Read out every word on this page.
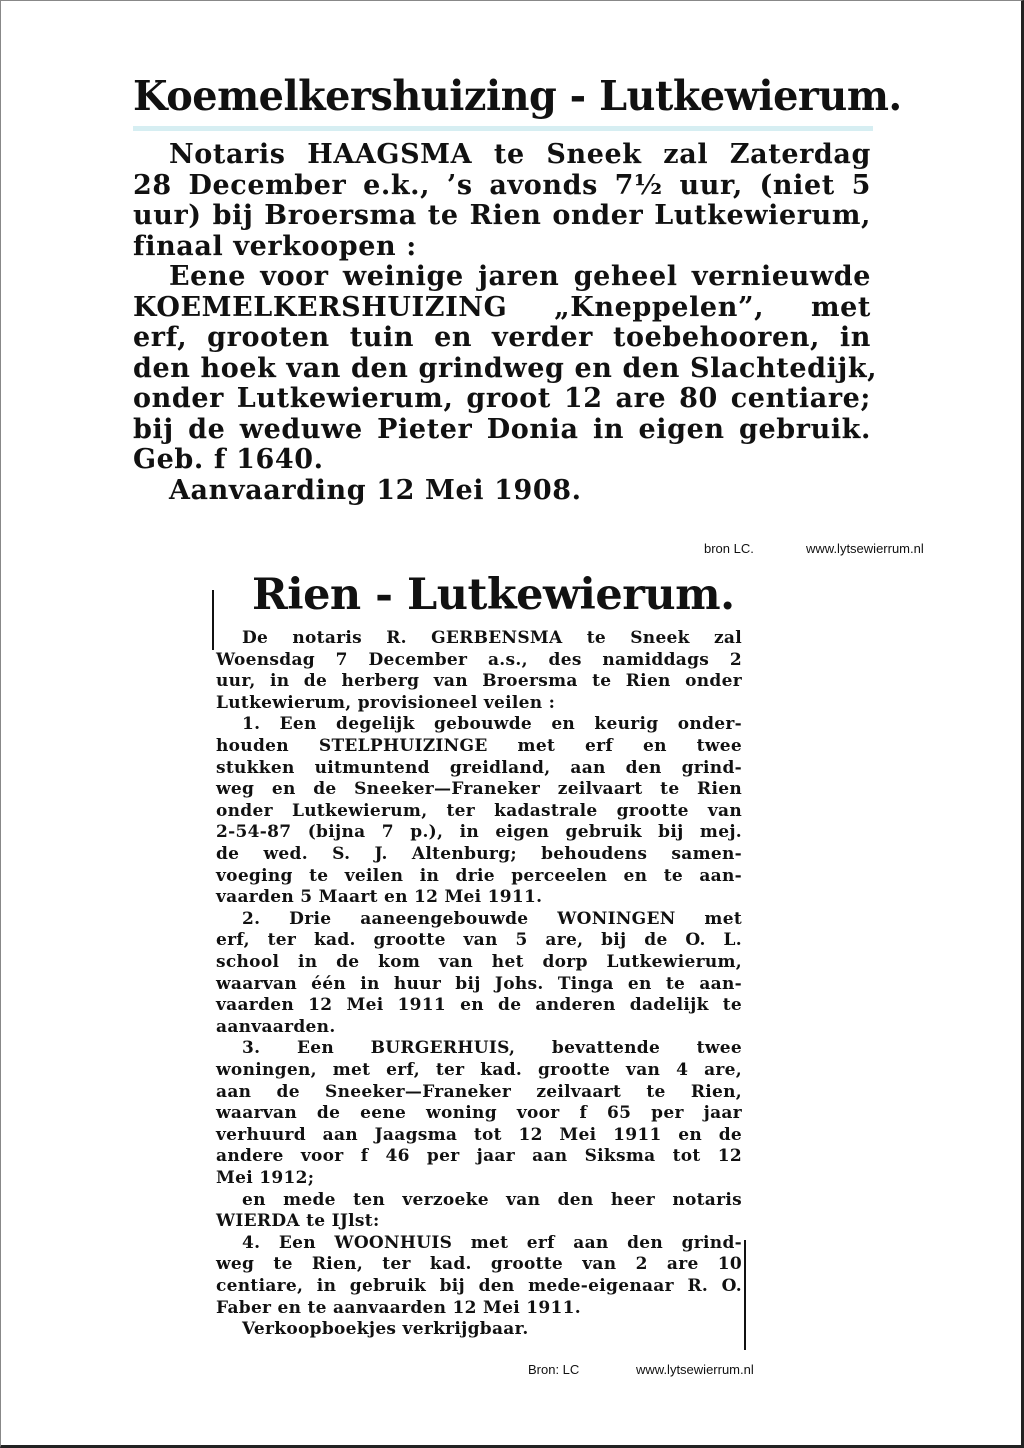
Koemelkershuizing - Lutkewierum.

Notaris HAAGSMA te Sneek zal Zaterdag

28 December e.k., ’s avonds 7½ uur, (niet 5

uur) bij Broersma te Rien onder Lutkewierum,

finaal verkoopen :

Eene voor weinige jaren geheel vernieuwde

KOEMELKERSHUIZING „Kneppelen”, met

erf, grooten tuin en verder toebehooren, in

den hoek van den grindweg en den Slachtedijk,

onder Lutkewierum, groot 12 are 80 centiare;

bij de weduwe Pieter Donia in eigen gebruik.

Geb. f 1640.

Aanvaarding 12 Mei 1908.

bron LC.	www.lytsewierrum.nl
Rien - Lutkewierum.

De notaris R. GERBENSMA te Sneek zal

Woensdag 7 December a.s., des namiddags 2

uur, in de herberg van Broersma te Rien onder

Lutkewierum, provisioneel veilen :

1. Een degelijk gebouwde en keurig onder-

houden STELPHUIZINGE met erf en twee

stukken uitmuntend greidland, aan den grind-

weg en de Sneeker—Franeker zeilvaart te Rien

onder Lutkewierum, ter kadastrale grootte van

2-54-87 (bijna 7 p.), in eigen gebruik bij mej.

de wed. S. J. Altenburg; behoudens samen-

voeging te veilen in drie perceelen en te aan-

vaarden 5 Maart en 12 Mei 1911.

2. Drie aaneengebouwde WONINGEN met

erf, ter kad. grootte van 5 are, bij de O. L.

school in de kom van het dorp Lutkewierum,

waarvan één in huur bij Johs. Tinga en te aan-

vaarden 12 Mei 1911 en de anderen dadelijk te

aanvaarden.

3. Een BURGERHUIS, bevattende twee

woningen, met erf, ter kad. grootte van 4 are,

aan de Sneeker—Franeker zeilvaart te Rien,

waarvan de eene woning voor f 65 per jaar

verhuurd aan Jaagsma tot 12 Mei 1911 en de

andere voor f 46 per jaar aan Siksma tot 12

Mei 1912;

en mede ten verzoeke van den heer notaris

WIERDA te IJlst:

4. Een WOONHUIS met erf aan den grind-

weg te Rien, ter kad. grootte van 2 are 10

centiare, in gebruik bij den mede-eigenaar R. O.

Faber en te aanvaarden 12 Mei 1911.

Verkoopboekjes verkrijgbaar.

Bron: LC	www.lytsewierrum.nl
